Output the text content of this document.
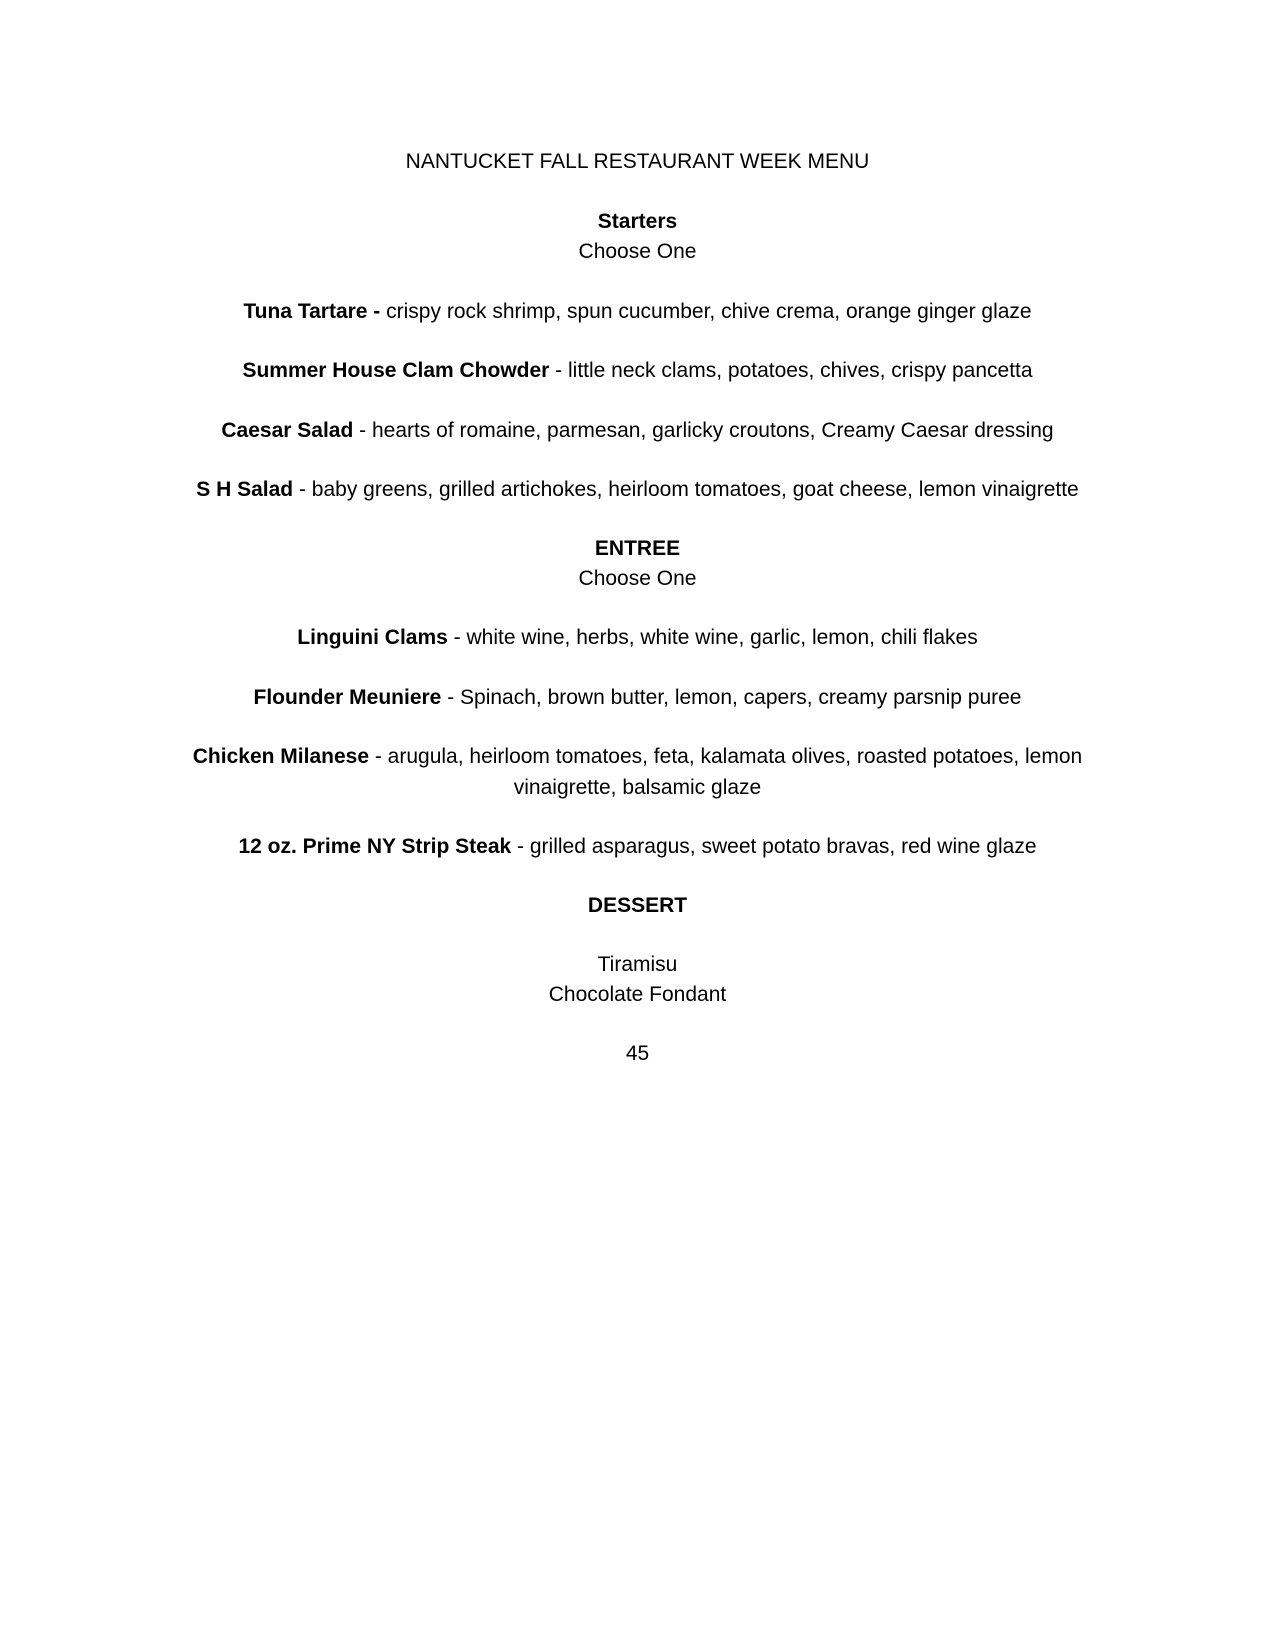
NANTUCKET FALL RESTAURANT WEEK MENU
Starters
Choose One
Tuna Tartare - crispy rock shrimp, spun cucumber, chive crema, orange ginger glaze
Summer House Clam Chowder - little neck clams, potatoes, chives, crispy pancetta
Caesar Salad - hearts of romaine, parmesan, garlicky croutons, Creamy Caesar dressing
S H Salad - baby greens, grilled artichokes, heirloom tomatoes, goat cheese, lemon vinaigrette
ENTREE
Choose One
Linguini Clams - white wine, herbs, white wine, garlic, lemon, chili flakes
Flounder Meuniere - Spinach, brown butter, lemon, capers, creamy parsnip puree
Chicken Milanese - arugula, heirloom tomatoes, feta, kalamata olives, roasted potatoes, lemon vinaigrette, balsamic glaze
12 oz. Prime NY Strip Steak - grilled asparagus, sweet potato bravas, red wine glaze
DESSERT
Tiramisu
Chocolate Fondant
45
